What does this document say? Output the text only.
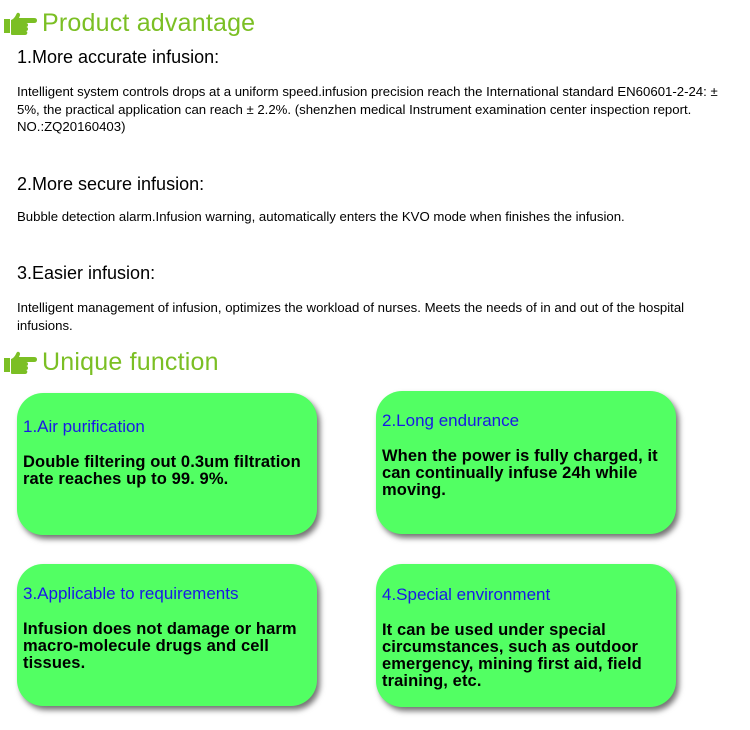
Product advantage
1.More accurate infusion:
Intelligent system controls drops at a uniform speed.infusion precision reach the International standard EN60601-2-24: ± 5%, the practical application can reach ± 2.2%. (shenzhen medical Instrument examination center inspection report. NO.:ZQ20160403)
2.More secure infusion:
Bubble detection alarm.Infusion warning, automatically enters the KVO mode when finishes the infusion.
3.Easier infusion:
Intelligent management of infusion, optimizes the workload of nurses. Meets the needs of in and out of the hospital infusions.
Unique function
1.Air purification
Double filtering out 0.3um filtration rate reaches up to 99. 9%.
2.Long endurance
When the power is fully charged, it can continually infuse 24h while moving.
3.Applicable to requirements
Infusion does not damage or harm macro-molecule drugs and cell tissues.
4.Special environment
It can be used under special circumstances, such as outdoor emergency, mining first aid, field training, etc.
